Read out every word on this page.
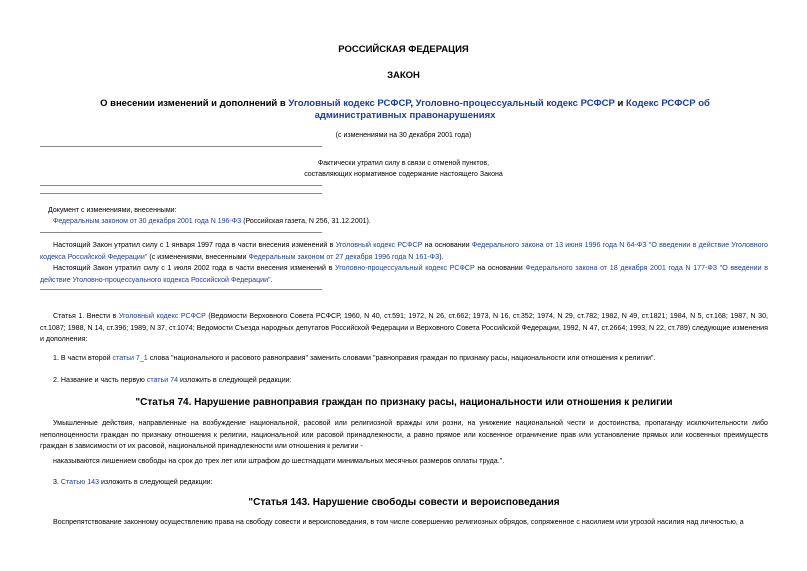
РОССИЙСКАЯ ФЕДЕРАЦИЯ
ЗАКОН
О внесении изменений и дополнений в Уголовный кодекс РСФСР, Уголовно-процессуальный кодекс РСФСР и Кодекс РСФСР об административных правонарушениях
(с изменениями на 30 декабря 2001 года)
Фактически утратил силу в связи с отменой пунктов,
составляющих нормативное содержание настоящего Закона
Документ с изменениями, внесенными:
Федеральным законом от 30 декабря 2001 года N 196-ФЗ (Российская газета, N 256, 31.12.2001).
Настоящий Закон утратил силу с 1 января 1997 года в части внесения изменений в Уголовный кодекс РСФСР на основании Федерального закона от 13 июня 1996 года N 64-ФЗ "О введении в действие Уголовного кодекса Российской Федерации" (с изменениями, внесенными Федеральным законом от 27 декабря 1996 года N 161-ФЗ).
Настоящий Закон утратил силу с 1 июля 2002 года в части внесения изменений в Уголовно-процессуальный кодекс РСФСР на основании Федерального закона от 18 декабря 2001 года N 177-ФЗ "О введении в действие Уголовно-процессуального кодекса Российской Федерации".
Статья 1. Внести в Уголовный кодекс РСФСР (Ведомости Верховного Совета РСФСР, 1960, N 40, ст.591; 1972, N 26, ст.662; 1973, N 16, ст.352; 1974, N 29, ст.782; 1982, N 49, ст.1821; 1984, N 5, ст.168; 1987, N 30, ст.1087; 1988, N 14, ст.396; 1989, N 37, ст.1074; Ведомости Съезда народных депутатов Российской Федерации и Верховного Совета Российской Федерации, 1992, N 47, ст.2664; 1993, N 22, ст.789) следующие изменения и дополнения:
1. В части второй статьи 7_1 слова "национального и расового равноправия" заменить словами "равноправия граждан по признаку расы, национальности или отношения к религии".
2. Название и часть первую статьи 74 изложить в следующей редакции:
"Статья 74. Нарушение равноправия граждан по признаку расы, национальности или отношения к религии
Умышленные действия, направленные на возбуждение национальной, расовой или религиозной вражды или розни, на унижение национальной чести и достоинства, пропаганду исключительности либо неполноценности граждан по признаку отношения к религии, национальной или расовой принадлежности, а равно прямое или косвенное ограничение прав или установление прямых или косвенных преимуществ граждан в зависимости от их расовой, национальной принадлежности или отношения к религии -
наказываются лишением свободы на срок до трех лет или штрафом до шестнадцати минимальных месячных размеров оплаты труда.".
3. Статью 143 изложить в следующей редакции:
"Статья 143. Нарушение свободы совести и вероисповедания
Воспрепятствование законному осуществлению права на свободу совести и вероисповедания, в том числе совершению религиозных обрядов, сопряженное с насилием или угрозой насилия над личностью, а
